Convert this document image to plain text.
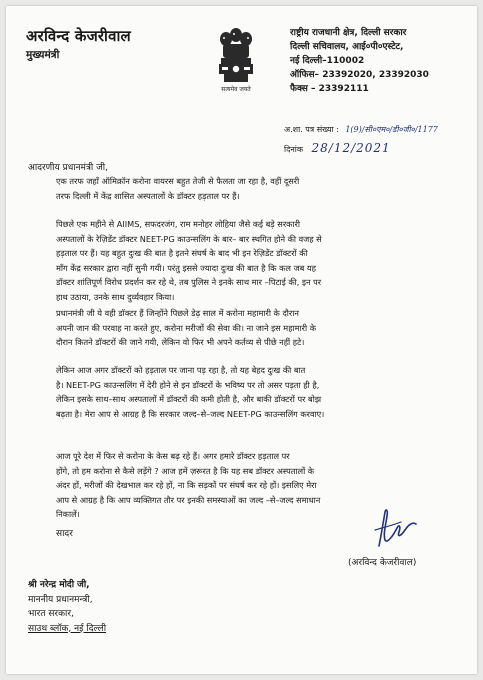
अरविन्द केजरीवाल
मुख्यमंत्री
सत्यमेव जयते
राष्ट्रीय राजधानी क्षेत्र, दिल्ली सरकार
दिल्ली सचिवालय, आई०पी०एस्टेट,
नई दिल्ली–110002
ऑफिस– 23392020, 23392030
फैक्स – 23392111
अ.शा. पत्र संख्या : 1(9)/सी०एम०/डी०जी०/1177
दिनांक 28/12/2021
आदरणीय प्रधानमंत्री जी,
एक तरफ जहाँ ऑमिक्रॉन करोना वायरस बहुत तेजी से फैलता जा रहा है, वहीं दूसरी
तरफ दिल्ली में केंद्र शासित अस्पतालों के डॉक्टर हड़ताल पर हैं।
पिछले एक महीने से AIIMS, सफदरजंग, राम मनोहर लोहिया जैसे कई बड़े सरकारी
अस्पतालों के रेज़िडेंट डॉक्टर NEET-PG काउन्सलिंग के बार– बार स्थगित होने की वजह से
हड़ताल पर हैं। यह बहुत दुःख की बात है इतने संघर्ष के बाद भी इन रेज़िडेंट डॉक्टरों की
माँग केंद्र सरकार द्वारा नहीं सुनी गयी। परंतु इससे ज्यादा दुःख की बात है कि कल जब यह
डॉक्टर शांतिपूर्ण विरोध प्रदर्शन कर रहे थे, तब पुलिस ने इनके साथ मार –पिटाई की, इन पर
हाथ उठाया, उनके साथ दुर्व्यवहार किया।
प्रधानमंत्री जी ये वही डॉक्टर हैं जिन्होंने पिछले डेढ़ साल में करोना महामारी के दौरान
अपनी जान की परवाह ना करते हुए, करोना मरीजों की सेवा की। ना जाने इस महामारी के
दौरान कितने डॉक्टरों की जाने गयी, लेकिन वो फिर भी अपने कर्तव्य से पीछे नहीं हटे।
लेकिन आज अगर डॉक्टरों को हड़ताल पर जाना पड़ रहा है, तो यह बेहद दुःख की बात
है। NEET-PG काउन्सलिंग में देरी होने से इन डॉक्टरों के भविष्य पर तो असर पड़ता ही है,
लेकिन इसके साथ–साथ अस्पतालों में डॉक्टरों की कमी होती है, और बाकी डॉक्टरों पर बोझ
बढ़ता है। मेरा आप से आग्रह है कि सरकार जल्द–से–जल्द NEET-PG काउन्सलिंग करवाए।
आज पूरे देश में फिर से करोना के केस बढ़ रहे हैं। अगर हमारे डॉक्टर हड़ताल पर
होंगे, तो हम करोना से कैसे लड़ेंगे ? आज हमें ज़रूरत है कि यह सब डॉक्टर अस्पतालों के
अंदर हों, मरीजों की देखभाल कर रहे हों, ना कि सड़कों पर संघर्ष कर रहे हों। इसलिए मेरा
आप से आग्रह है कि आप व्यक्तिगत तौर पर इनकी समस्याओं का जल्द –से–जल्द समाधान
निकालें।
सादर
(अरविन्द केजरीवाल)
श्री नरेन्द्र मोदी जी,
माननीय प्रधानमन्त्री,
भारत सरकार,
साउथ ब्लॉक, नई दिल्ली
